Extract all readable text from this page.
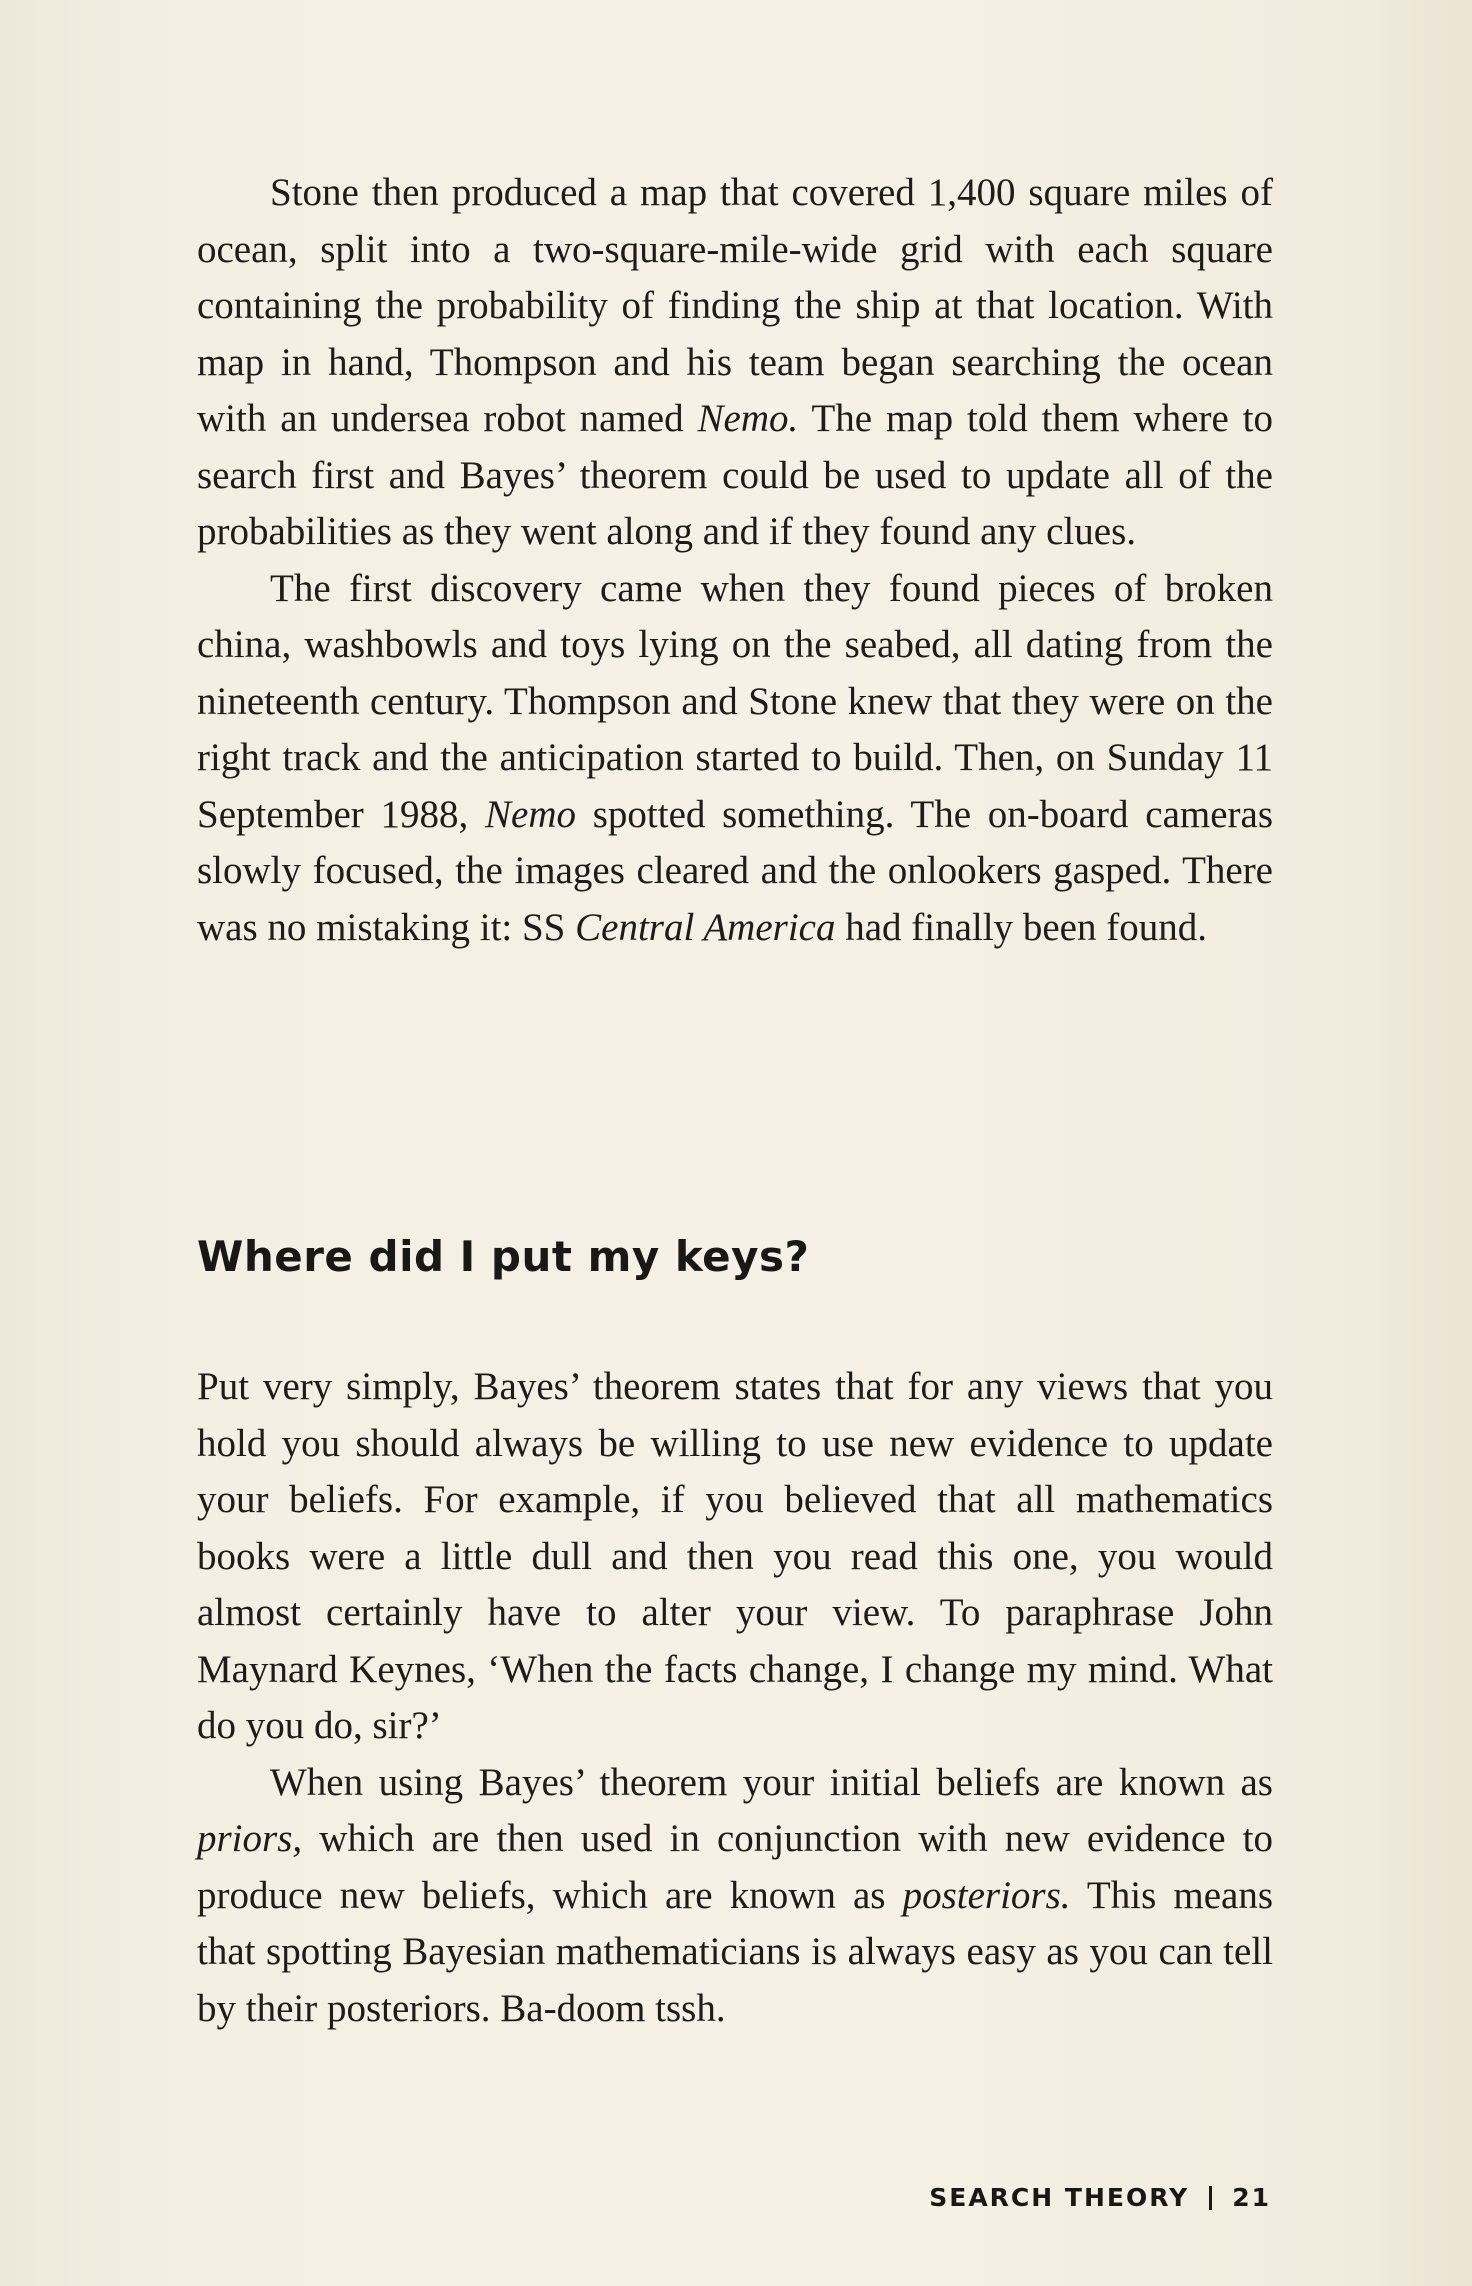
Stone then produced a map that covered 1,400 square miles of ocean, split into a two-square-mile-wide grid with each square containing the probability of finding the ship at that location. With map in hand, Thompson and his team began searching the ocean with an undersea robot named Nemo. The map told them where to search first and Bayes’ theorem could be used to update all of the probabilities as they went along and if they found any clues.

The first discovery came when they found pieces of broken china, washbowls and toys lying on the seabed, all dating from the nineteenth century. Thompson and Stone knew that they were on the right track and the anticipation started to build. Then, on Sunday 11 September 1988, Nemo spotted something. The on-board cameras slowly focused, the images cleared and the onlookers gasped. There was no mistaking it: SS Central America had finally been found.

Where did I put my keys?

Put very simply, Bayes’ theorem states that for any views that you hold you should always be willing to use new evidence to update your beliefs. For example, if you believed that all mathematics books were a little dull and then you read this one, you would almost certainly have to alter your view. To paraphrase John Maynard Keynes, ‘When the facts change, I change my mind. What do you do, sir?’

When using Bayes’ theorem your initial beliefs are known as priors, which are then used in conjunction with new evidence to produce new beliefs, which are known as posteriors. This means that spotting Bayesian mathematicians is always easy as you can tell by their posteriors. Ba-doom tssh.

SEARCH THEORY 21
